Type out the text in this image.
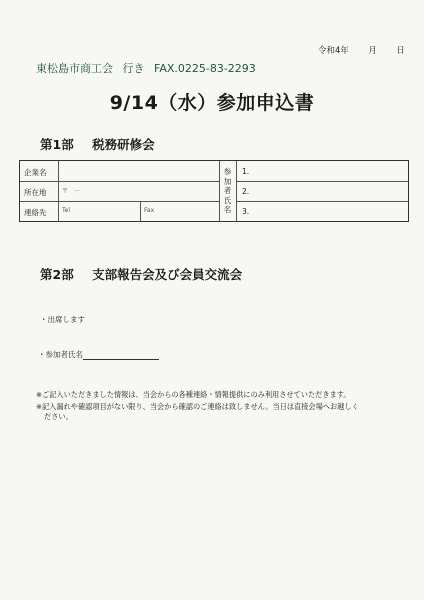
令和4年 月 日
東松島市商工会 行き FAX.0225-83-2293
9/14（水）参加申込書
第1部 税務研修会
企業名
所在地
連絡先
〒　－
Tel	Fax
参
加
者
氏
名
1.
2.
3.
第2部 支部報告会及び会員交流会
・出席します
・参加者氏名
※ご記入いただきました情報は、当会からの各種連絡・情報提供にのみ利用させていただきます。
※記入漏れや確認項目がない限り、当会から確認のご連絡は致しません。当日は直接会場へお越しく
ださい。
